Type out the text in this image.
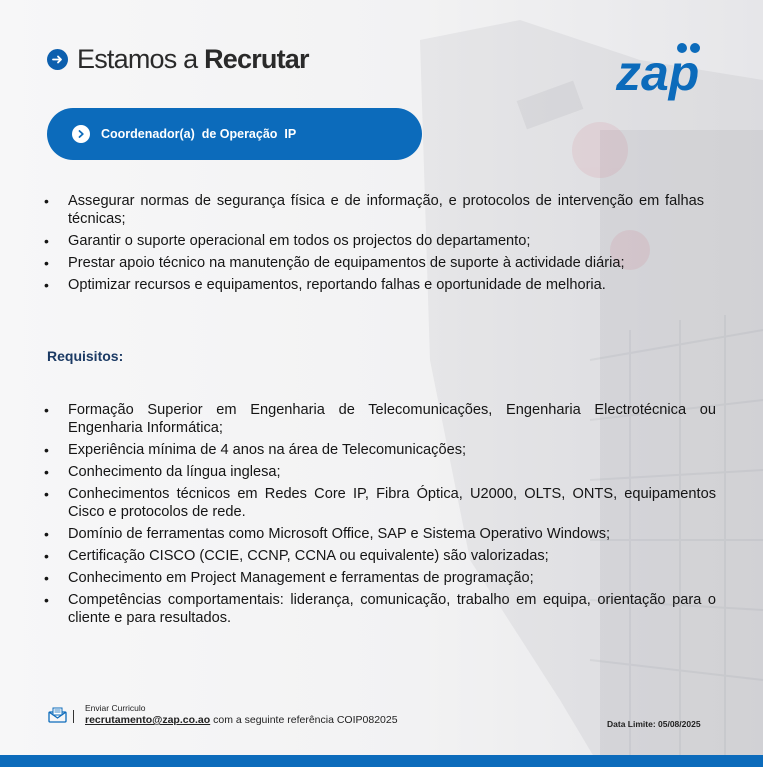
Estamos a Recrutar	zap
Coordenador(a)  de Operação  IP
• Assegurar normas de segurança física e de informação, e protocolos de intervenção em falhas técnicas;
• Garantir o suporte operacional em todos os projectos do departamento;
• Prestar apoio técnico na manutenção de equipamentos de suporte à actividade diária;
• Optimizar recursos e equipamentos, reportando falhas e oportunidade de melhoria.
Requisitos:
• Formação Superior em Engenharia de Telecomunicações, Engenharia Electrotécnica ou Engenharia Informática;
• Experiência mínima de 4 anos na área de Telecomunicações;
• Conhecimento da língua inglesa;
• Conhecimentos técnicos em Redes Core IP, Fibra Óptica, U2000, OLTS, ONTS, equipamentos Cisco e protocolos de rede.
• Domínio de ferramentas como Microsoft Office, SAP e Sistema Operativo Windows;
• Certificação CISCO (CCIE, CCNP, CCNA ou equivalente) são valorizadas;
• Conhecimento em Project Management e ferramentas de programação;
• Competências comportamentais: liderança, comunicação, trabalho em equipa, orientação para o cliente e para resultados.
Enviar Curriculo
recrutamento@zap.co.ao com a seguinte referência COIP082025	Data Limite: 05/08/2025
